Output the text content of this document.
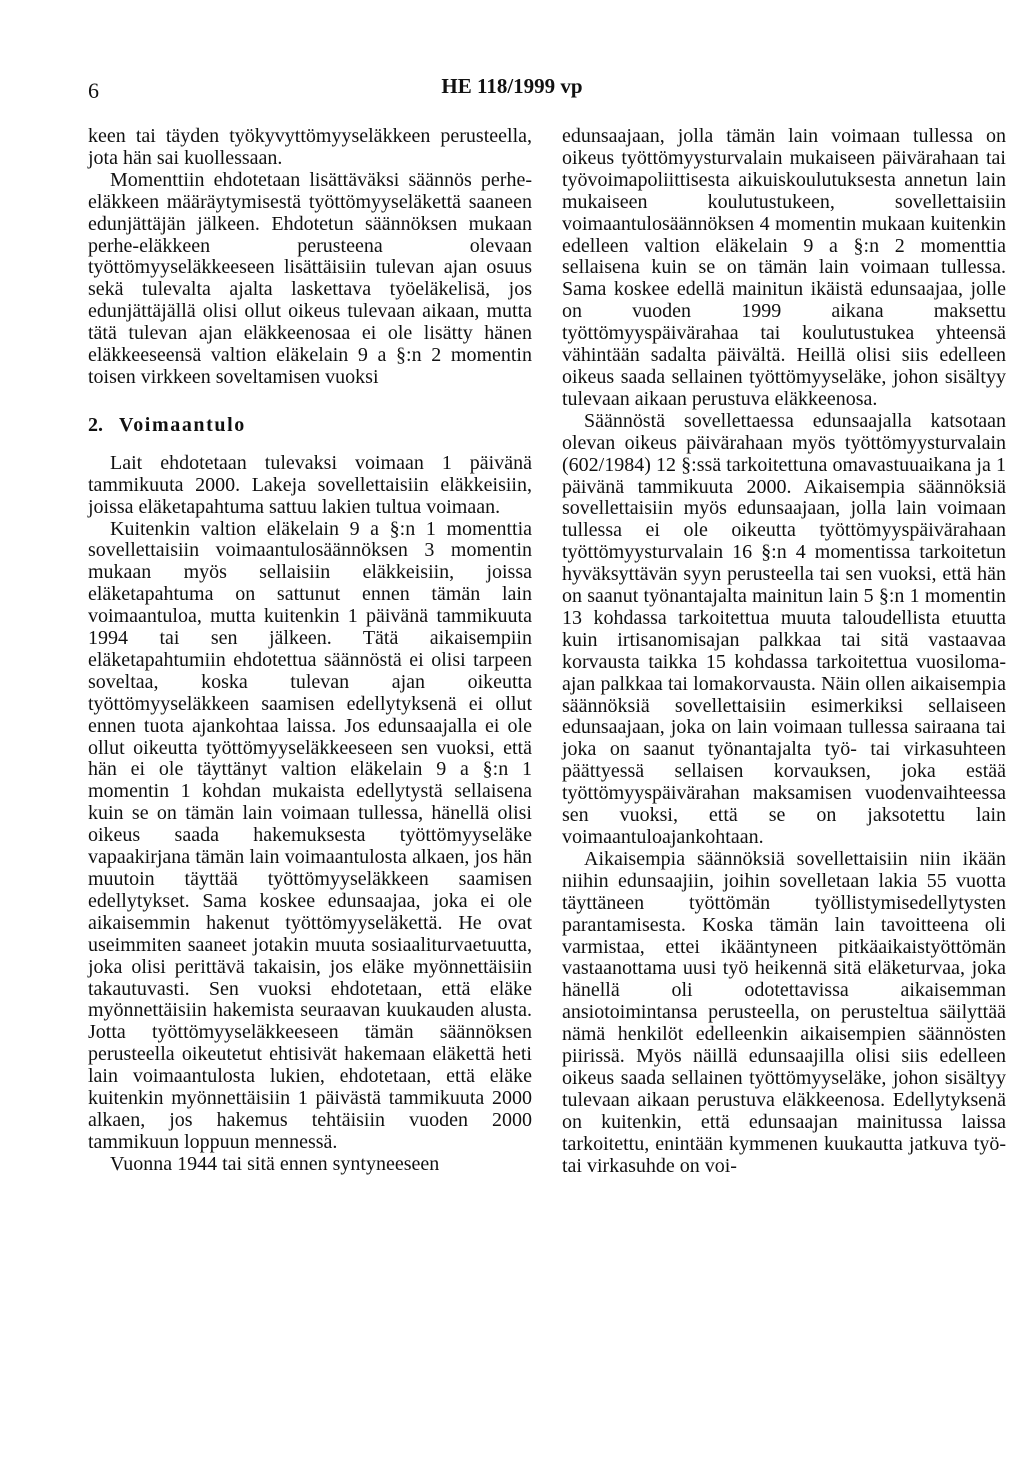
6	HE 118/1999 vp

keen tai täyden työkyvyttömyyseläkkeen perusteella, jota hän sai kuollessaan.

Momenttiin ehdotetaan lisättäväksi säännös perhe-eläkkeen määräytymisestä työttömyyseläkettä saaneen edunjättäjän jälkeen. Ehdotetun säännöksen mukaan perhe-eläkkeen perusteena olevaan työttömyyseläkkeeseen lisättäisiin tulevan ajan osuus sekä tulevalta ajalta laskettava työeläkelisä, jos edunjättäjällä olisi ollut oikeus tulevaan aikaan, mutta tätä tulevan ajan eläkkeenosaa ei ole lisätty hänen eläkkeeseensä valtion eläkelain 9 a §:n 2 momentin toisen virkkeen soveltamisen vuoksi

2. Voimaantulo

Lait ehdotetaan tulevaksi voimaan 1 päivänä tammikuuta 2000. Lakeja sovellettaisiin eläkkeisiin, joissa eläketapahtuma sattuu lakien tultua voimaan.

Kuitenkin valtion eläkelain 9 a §:n 1 momenttia sovellettaisiin voimaantulosäännöksen 3 momentin mukaan myös sellaisiin eläkkeisiin, joissa eläketapahtuma on sattunut ennen tämän lain voimaantuloa, mutta kuitenkin 1 päivänä tammikuuta 1994 tai sen jälkeen. Tätä aikaisempiin eläketapahtumiin ehdotettua säännöstä ei olisi tarpeen soveltaa, koska tulevan ajan oikeutta työttömyyseläkkeen saamisen edellytyksenä ei ollut ennen tuota ajankohtaa laissa. Jos edunsaajalla ei ole ollut oikeutta työttömyyseläkkeeseen sen vuoksi, että hän ei ole täyttänyt valtion eläkelain 9 a §:n 1 momentin 1 kohdan mukaista edellytystä sellaisena kuin se on tämän lain voimaan tullessa, hänellä olisi oikeus saada hakemuksesta työttömyyseläke vapaakirjana tämän lain voimaantulosta alkaen, jos hän muutoin täyttää työttömyyseläkkeen saamisen edellytykset. Sama koskee edunsaajaa, joka ei ole aikaisemmin hakenut työttömyyseläkettä. He ovat useimmiten saaneet jotakin muuta sosiaaliturvaetuutta, joka olisi perittävä takaisin, jos eläke myönnettäisiin takautuvasti. Sen vuoksi ehdotetaan, että eläke myönnettäisiin hakemista seuraavan kuukauden alusta. Jotta työttömyyseläkkeeseen tämän säännöksen perusteella oikeutetut ehtisivät hakemaan eläkettä heti lain voimaantulosta lukien, ehdotetaan, että eläke kuitenkin myönnettäisiin 1 päivästä tammikuuta 2000 alkaen, jos hakemus tehtäisiin vuoden 2000 tammikuun loppuun mennessä.

Vuonna 1944 tai sitä ennen syntyneeseen

edunsaajaan, jolla tämän lain voimaan tullessa on oikeus työttömyysturvalain mukaiseen päivärahaan tai työvoimapoliittisesta aikuiskoulutuksesta annetun lain mukaiseen koulutustukeen, sovellettaisiin voimaantulosäännöksen 4 momentin mukaan kuitenkin edelleen valtion eläkelain 9 a §:n 2 momenttia sellaisena kuin se on tämän lain voimaan tullessa. Sama koskee edellä mainitun ikäistä edunsaajaa, jolle on vuoden 1999 aikana maksettu työttömyyspäivärahaa tai koulutustukea yhteensä vähintään sadalta päivältä. Heillä olisi siis edelleen oikeus saada sellainen työttömyyseläke, johon sisältyy tulevaan aikaan perustuva eläkkeenosa.

Säännöstä sovellettaessa edunsaajalla katsotaan olevan oikeus päivärahaan myös työttömyysturvalain (602/1984) 12 §:ssä tarkoitettuna omavastuuaikana ja 1 päivänä tammikuuta 2000. Aikaisempia säännöksiä sovellettaisiin myös edunsaajaan, jolla lain voimaan tullessa ei ole oikeutta työttömyyspäivärahaan työttömyysturvalain 16 §:n 4 momentissa tarkoitetun hyväksyttävän syyn perusteella tai sen vuoksi, että hän on saanut työnantajalta mainitun lain 5 §:n 1 momentin 13 kohdassa tarkoitettua muuta taloudellista etuutta kuin irtisanomisajan palkkaa tai sitä vastaavaa korvausta taikka 15 kohdassa tarkoitettua vuosiloma-ajan palkkaa tai lomakorvausta. Näin ollen aikaisempia säännöksiä sovellettaisiin esimerkiksi sellaiseen edunsaajaan, joka on lain voimaan tullessa sairaana tai joka on saanut työnantajalta työ- tai virkasuhteen päättyessä sellaisen korvauksen, joka estää työttömyyspäivärahan maksamisen vuodenvaihteessa sen vuoksi, että se on jaksotettu lain voimaantuloajankohtaan.

Aikaisempia säännöksiä sovellettaisiin niin ikään niihin edunsaajiin, joihin sovelletaan lakia 55 vuotta täyttäneen työttömän työllistymisedellytysten parantamisesta. Koska tämän lain tavoitteena oli varmistaa, ettei ikääntyneen pitkäaikaistyöttömän vastaanottama uusi työ heikennä sitä eläketurvaa, joka hänellä oli odotettavissa aikaisemman ansiotoimintansa perusteella, on perusteltua säilyttää nämä henkilöt edelleenkin aikaisempien säännösten piirissä. Myös näillä edunsaajilla olisi siis edelleen oikeus saada sellainen työttömyyseläke, johon sisältyy tulevaan aikaan perustuva eläkkeenosa. Edellytyksenä on kuitenkin, että edunsaajan mainitussa laissa tarkoitettu, enintään kymmenen kuukautta jatkuva työ- tai virkasuhde on voi-
